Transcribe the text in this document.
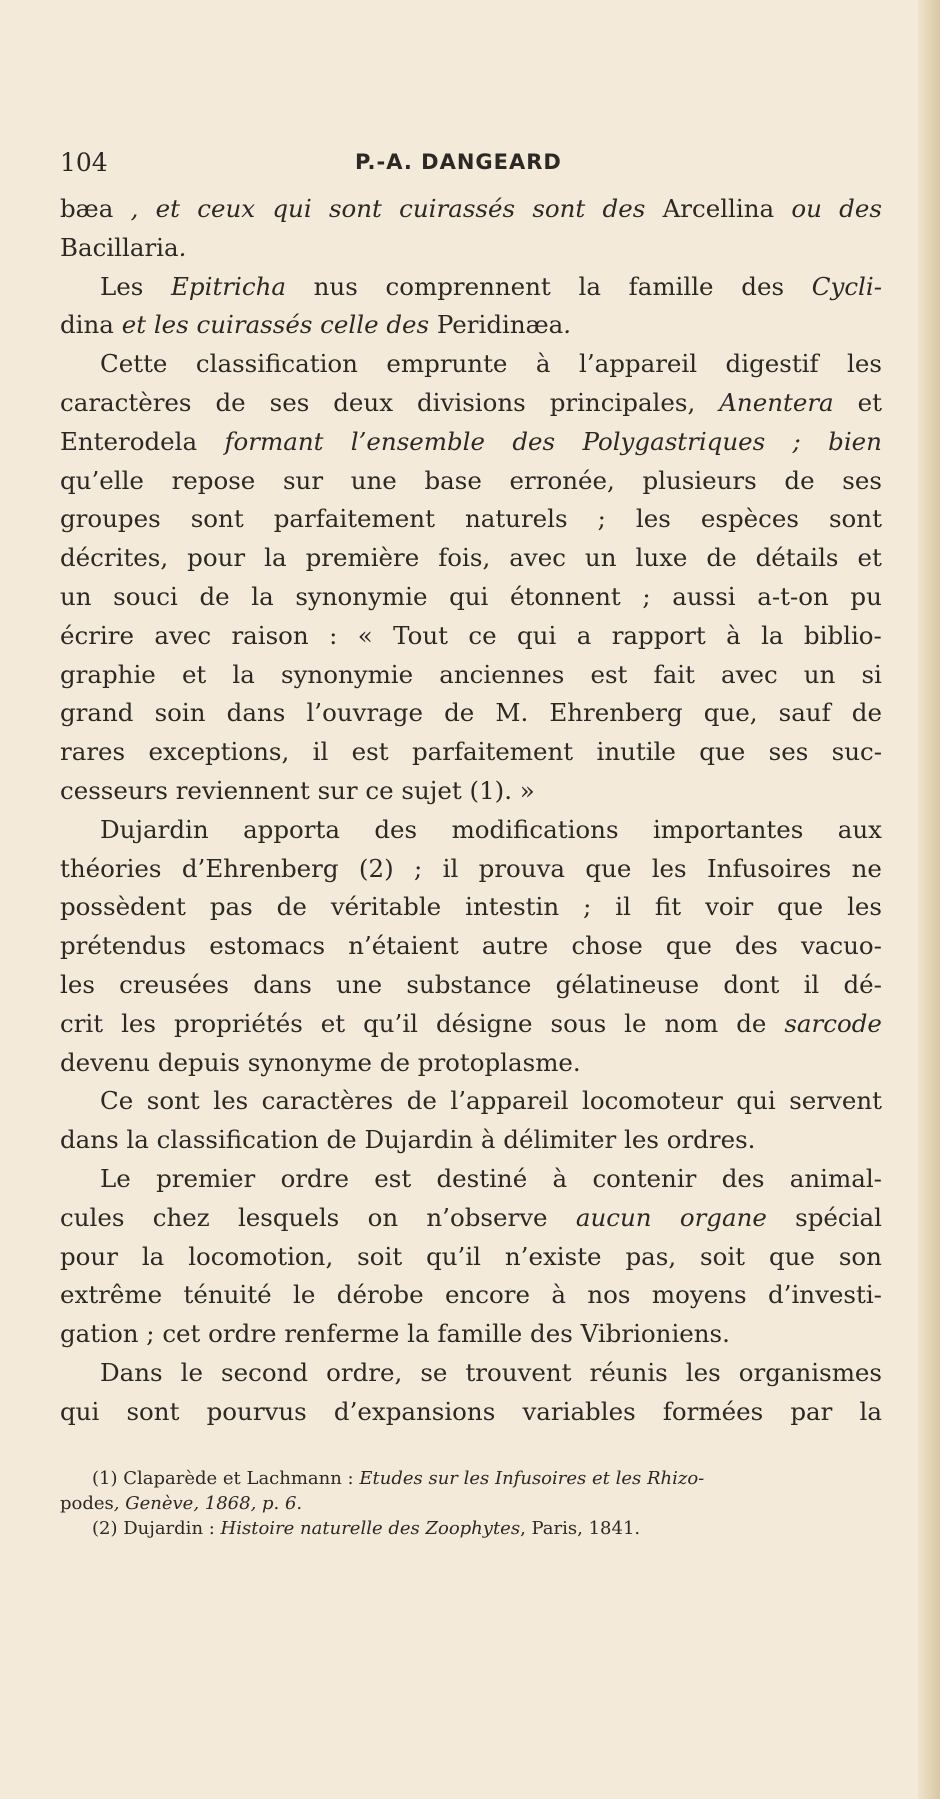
104	P.-A. DANGEARD
bæa , et ceux qui sont cuirassés sont des Arcellina ou des
Bacillaria.
Les Epitricha nus comprennent la famille des Cycli-
dina et les cuirassés celle des Peridinæa.
Cette classification emprunte à l’appareil digestif les
caractères de ses deux divisions principales, Anentera et
Enterodela formant l’ensemble des Polygastriques ; bien
qu’elle repose sur une base erronée, plusieurs de ses
groupes sont parfaitement naturels ; les espèces sont
décrites, pour la première fois, avec un luxe de détails et
un souci de la synonymie qui étonnent ; aussi a-t-on pu
écrire avec raison : « Tout ce qui a rapport à la biblio-
graphie et la synonymie anciennes est fait avec un si
grand soin dans l’ouvrage de M. Ehrenberg que, sauf de
rares exceptions, il est parfaitement inutile que ses suc-
cesseurs reviennent sur ce sujet (1). »
Dujardin apporta des modifications importantes aux
théories d’Ehrenberg (2) ; il prouva que les Infusoires ne
possèdent pas de véritable intestin ; il fit voir que les
prétendus estomacs n’étaient autre chose que des vacuo-
les creusées dans une substance gélatineuse dont il dé-
crit les propriétés et qu’il désigne sous le nom de sarcode
devenu depuis synonyme de protoplasme.
Ce sont les caractères de l’appareil locomoteur qui servent
dans la classification de Dujardin à délimiter les ordres.
Le premier ordre est destiné à contenir des animal-
cules chez lesquels on n’observe aucun organe spécial
pour la locomotion, soit qu’il n’existe pas, soit que son
extrême ténuité le dérobe encore à nos moyens d’investi-
gation ; cet ordre renferme la famille des Vibrioniens.
Dans le second ordre, se trouvent réunis les organismes
qui sont pourvus d’expansions variables formées par la
(1) Claparède et Lachmann : Etudes sur les Infusoires et les Rhizo-
podes, Genève, 1868, p. 6.
(2) Dujardin : Histoire naturelle des Zoophytes, Paris, 1841.
